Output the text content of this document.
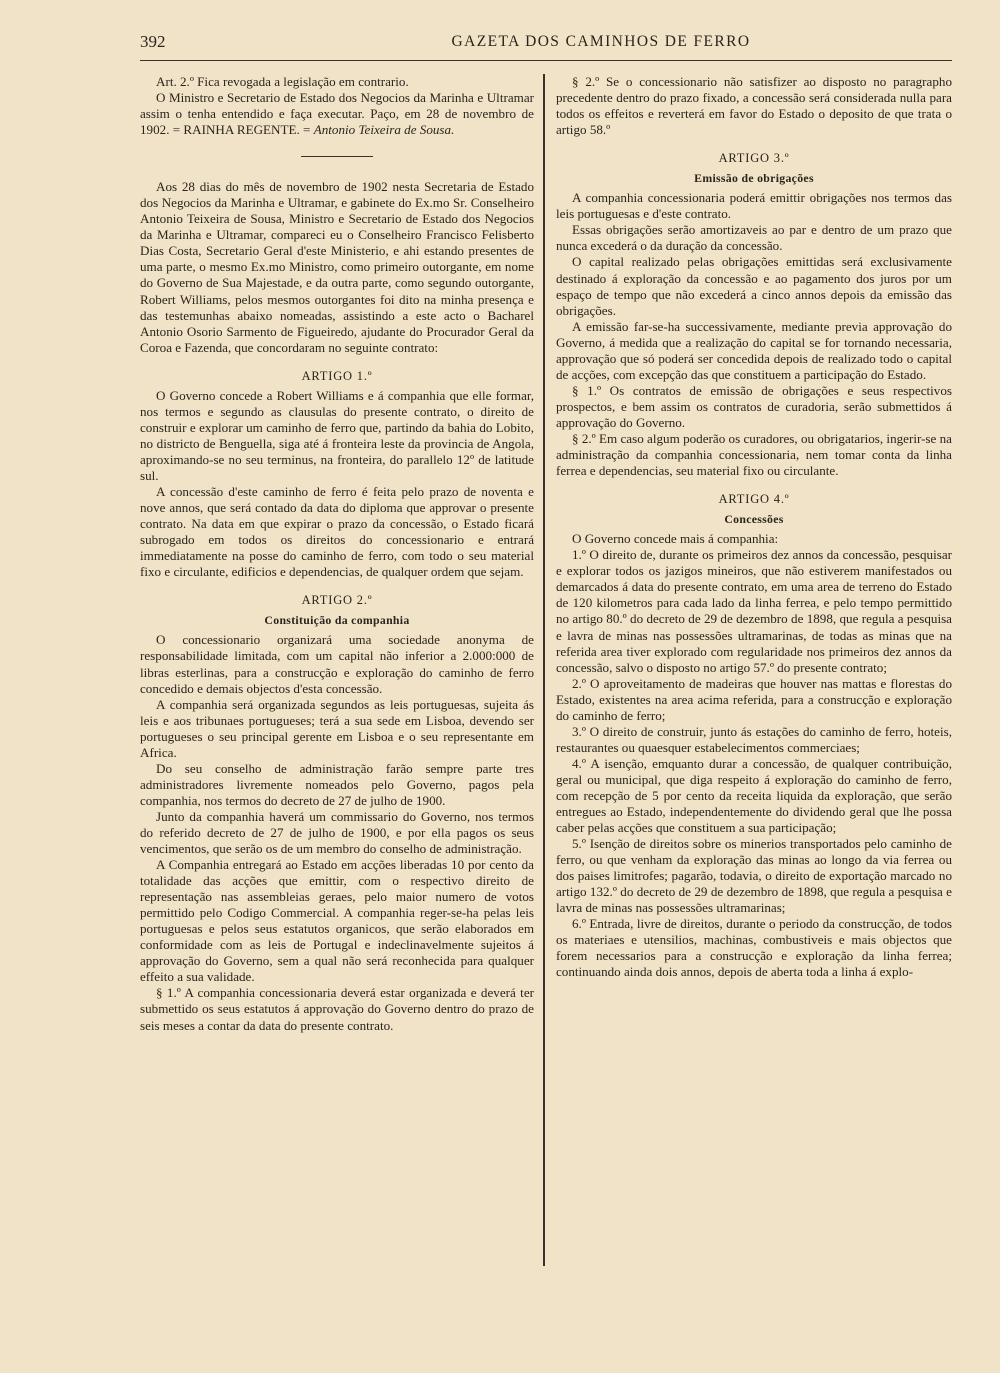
392	GAZETA DOS CAMINHOS DE FERRO

Art. 2.º Fica revogada a legislação em contrario.

O Ministro e Secretario de Estado dos Negocios da Marinha e Ultramar assim o tenha entendido e faça executar. Paço, em 28 de novembro de 1902. = RAINHA REGENTE. = Antonio Teixeira de Sousa.

Aos 28 dias do mês de novembro de 1902 nesta Secretaria de Estado dos Negocios da Marinha e Ultramar, e gabinete do Ex.mo Sr. Conselheiro Antonio Teixeira de Sousa, Ministro e Secretario de Estado dos Negocios da Marinha e Ultramar, compareci eu o Conselheiro Francisco Felisberto Dias Costa, Secretario Geral d'este Ministerio, e ahi estando presentes de uma parte, o mesmo Ex.mo Ministro, como primeiro outorgante, em nome do Governo de Sua Majestade, e da outra parte, como segundo outorgante, Robert Williams, pelos mesmos outorgantes foi dito na minha presença e das testemunhas abaixo nomeadas, assistindo a este acto o Bacharel Antonio Osorio Sarmento de Figueiredo, ajudante do Procurador Geral da Coroa e Fazenda, que concordaram no seguinte contrato:

ARTIGO 1.º

O Governo concede a Robert Williams e á companhia que elle formar, nos termos e segundo as clausulas do presente contrato, o direito de construir e explorar um caminho de ferro que, partindo da bahia do Lobito, no districto de Benguella, siga até á fronteira leste da provincia de Angola, aproximando-se no seu terminus, na fronteira, do parallelo 12º de latitude sul.

A concessão d'este caminho de ferro é feita pelo prazo de noventa e nove annos, que será contado da data do diploma que approvar o presente contrato. Na data em que expirar o prazo da concessão, o Estado ficará subrogado em todos os direitos do concessionario e entrará immediatamente na posse do caminho de ferro, com todo o seu material fixo e circulante, edificios e dependencias, de qualquer ordem que sejam.

ARTIGO 2.º
Constituição da companhia

O concessionario organizará uma sociedade anonyma de responsabilidade limitada, com um capital não inferior a 2.000:000 de libras esterlinas, para a construcção e exploração do caminho de ferro concedido e demais objectos d'esta concessão.

A companhia será organizada segundos as leis portuguesas, sujeita ás leis e aos tribunaes portugueses; terá a sua sede em Lisboa, devendo ser portugueses o seu principal gerente em Lisboa e o seu representante em Africa.

Do seu conselho de administração farão sempre parte tres administradores livremente nomeados pelo Governo, pagos pela companhia, nos termos do decreto de 27 de julho de 1900.

Junto da companhia haverá um commissario do Governo, nos termos do referido decreto de 27 de julho de 1900, e por ella pagos os seus vencimentos, que serão os de um membro do conselho de administração.

A Companhia entregará ao Estado em acções liberadas 10 por cento da totalidade das acções que emittir, com o respectivo direito de representação nas assembleias geraes, pelo maior numero de votos permittido pelo Codigo Commercial. A companhia reger-se-ha pelas leis portuguesas e pelos seus estatutos organicos, que serão elaborados em conformidade com as leis de Portugal e indeclinavelmente sujeitos á approvação do Governo, sem a qual não será reconhecida para qualquer effeito a sua validade.

§ 1.º A companhia concessionaria deverá estar organizada e deverá ter submettido os seus estatutos á approvação do Governo dentro do prazo de seis meses a contar da data do presente contrato.

§ 2.º Se o concessionario não satisfizer ao disposto no paragrapho precedente dentro do prazo fixado, a concessão será considerada nulla para todos os effeitos e reverterá em favor do Estado o deposito de que trata o artigo 58.º

ARTIGO 3.º
Emissão de obrigações

A companhia concessionaria poderá emittir obrigações nos termos das leis portuguesas e d'este contrato.

Essas obrigações serão amortizaveis ao par e dentro de um prazo que nunca excederá o da duração da concessão.

O capital realizado pelas obrigações emittidas será exclusivamente destinado á exploração da concessão e ao pagamento dos juros por um espaço de tempo que não excederá a cinco annos depois da emissão das obrigações.

A emissão far-se-ha successivamente, mediante previa approvação do Governo, á medida que a realização do capital se for tornando necessaria, approvação que só poderá ser concedida depois de realizado todo o capital de acções, com excepção das que constituem a participação do Estado.

§ 1.º Os contratos de emissão de obrigações e seus respectivos prospectos, e bem assim os contratos de curadoria, serão submettidos á approvação do Governo.

§ 2.º Em caso algum poderão os curadores, ou obrigatarios, ingerir-se na administração da companhia concessionaria, nem tomar conta da linha ferrea e dependencias, seu material fixo ou circulante.

ARTIGO 4.º
Concessões

O Governo concede mais á companhia:

1.º O direito de, durante os primeiros dez annos da concessão, pesquisar e explorar todos os jazigos mineiros, que não estiverem manifestados ou demarcados á data do presente contrato, em uma area de terreno do Estado de 120 kilometros para cada lado da linha ferrea, e pelo tempo permittido no artigo 80.º do decreto de 29 de dezembro de 1898, que regula a pesquisa e lavra de minas nas possessões ultramarinas, de todas as minas que na referida area tiver explorado com regularidade nos primeiros dez annos da concessão, salvo o disposto no artigo 57.º do presente contrato;

2.º O aproveitamento de madeiras que houver nas mattas e florestas do Estado, existentes na area acima referida, para a construcção e exploração do caminho de ferro;

3.º O direito de construir, junto ás estações do caminho de ferro, hoteis, restaurantes ou quaesquer estabelecimentos commerciaes;

4.º A isenção, emquanto durar a concessão, de qualquer contribuição, geral ou municipal, que diga respeito á exploração do caminho de ferro, com recepção de 5 por cento da receita liquida da exploração, que serão entregues ao Estado, independentemente do dividendo geral que lhe possa caber pelas acções que constituem a sua participação;

5.º Isenção de direitos sobre os minerios transportados pelo caminho de ferro, ou que venham da exploração das minas ao longo da via ferrea ou dos paises limitrofes; pagarão, todavia, o direito de exportação marcado no artigo 132.º do decreto de 29 de dezembro de 1898, que regula a pesquisa e lavra de minas nas possessões ultramarinas;

6.º Entrada, livre de direitos, durante o periodo da construcção, de todos os materiaes e utensilios, machinas, combustiveis e mais objectos que forem necessarios para a construcção e exploração da linha ferrea; continuando ainda dois annos, depois de aberta toda a linha á explo-
